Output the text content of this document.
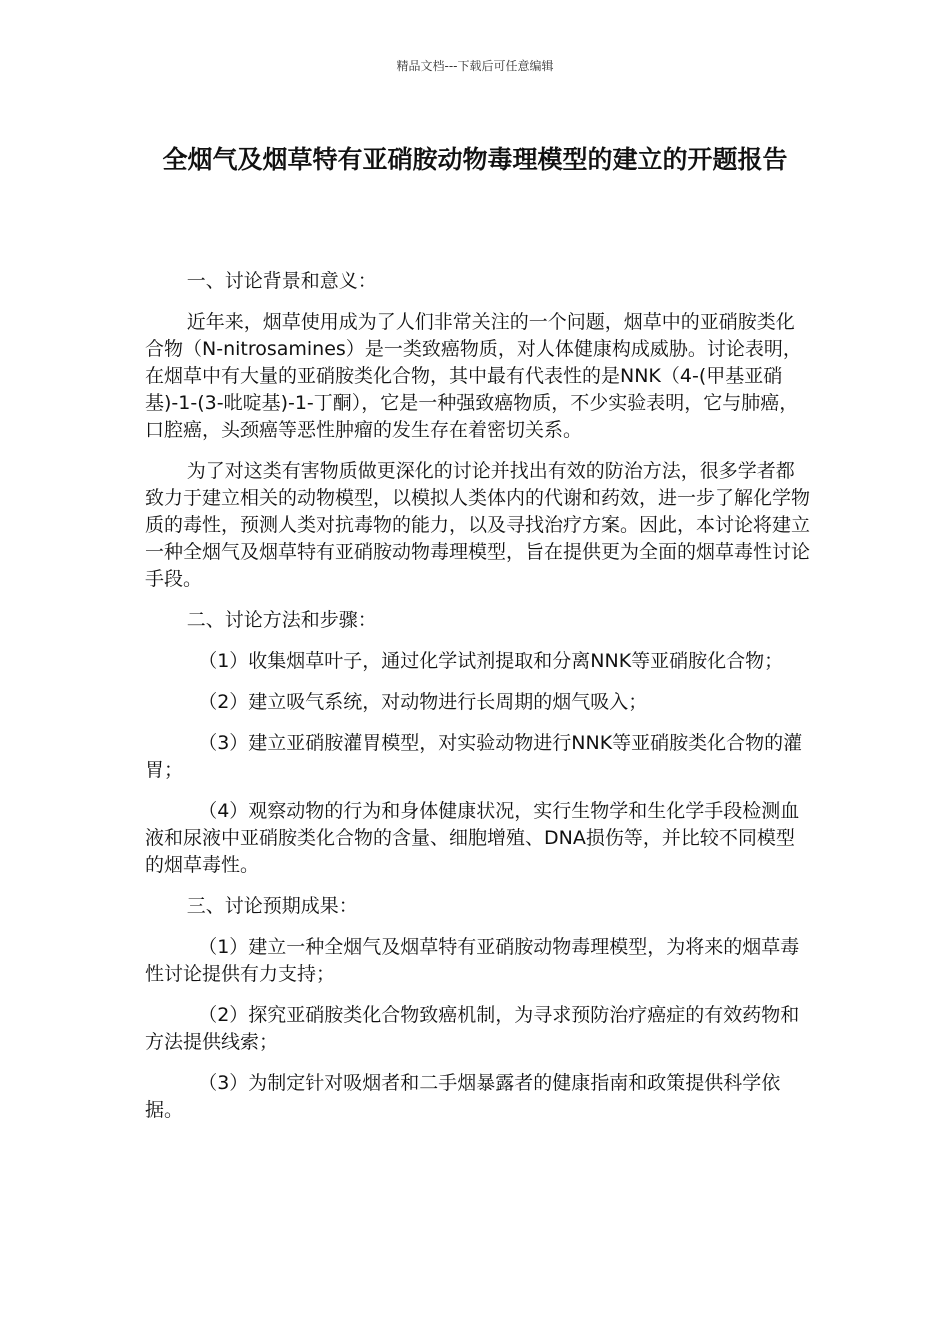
精品文档---下载后可任意编辑
全烟气及烟草特有亚硝胺动物毒理模型的建立的开题报告

一、讨论背景和意义：

近年来，烟草使用成为了人们非常关注的一个问题，烟草中的亚硝胺类化合物（N-nitrosamines）是一类致癌物质，对人体健康构成威胁。讨论表明，在烟草中有大量的亚硝胺类化合物，其中最有代表性的是NNK（4-(甲基亚硝基)-1-(3-吡啶基)-1-丁酮），它是一种强致癌物质，不少实验表明，它与肺癌，口腔癌，头颈癌等恶性肿瘤的发生存在着密切关系。

为了对这类有害物质做更深化的讨论并找出有效的防治方法，很多学者都致力于建立相关的动物模型，以模拟人类体内的代谢和药效，进一步了解化学物质的毒性，预测人类对抗毒物的能力，以及寻找治疗方案。因此，本讨论将建立一种全烟气及烟草特有亚硝胺动物毒理模型，旨在提供更为全面的烟草毒性讨论手段。

二、讨论方法和步骤：

（1）收集烟草叶子，通过化学试剂提取和分离NNK等亚硝胺化合物；

（2）建立吸气系统，对动物进行长周期的烟气吸入；

（3）建立亚硝胺灌胃模型，对实验动物进行NNK等亚硝胺类化合物的灌胃；

（4）观察动物的行为和身体健康状况，实行生物学和生化学手段检测血液和尿液中亚硝胺类化合物的含量、细胞增殖、DNA损伤等，并比较不同模型的烟草毒性。

三、讨论预期成果：

（1）建立一种全烟气及烟草特有亚硝胺动物毒理模型，为将来的烟草毒性讨论提供有力支持；

（2）探究亚硝胺类化合物致癌机制，为寻求预防治疗癌症的有效药物和方法提供线索；

（3）为制定针对吸烟者和二手烟暴露者的健康指南和政策提供科学依据。
